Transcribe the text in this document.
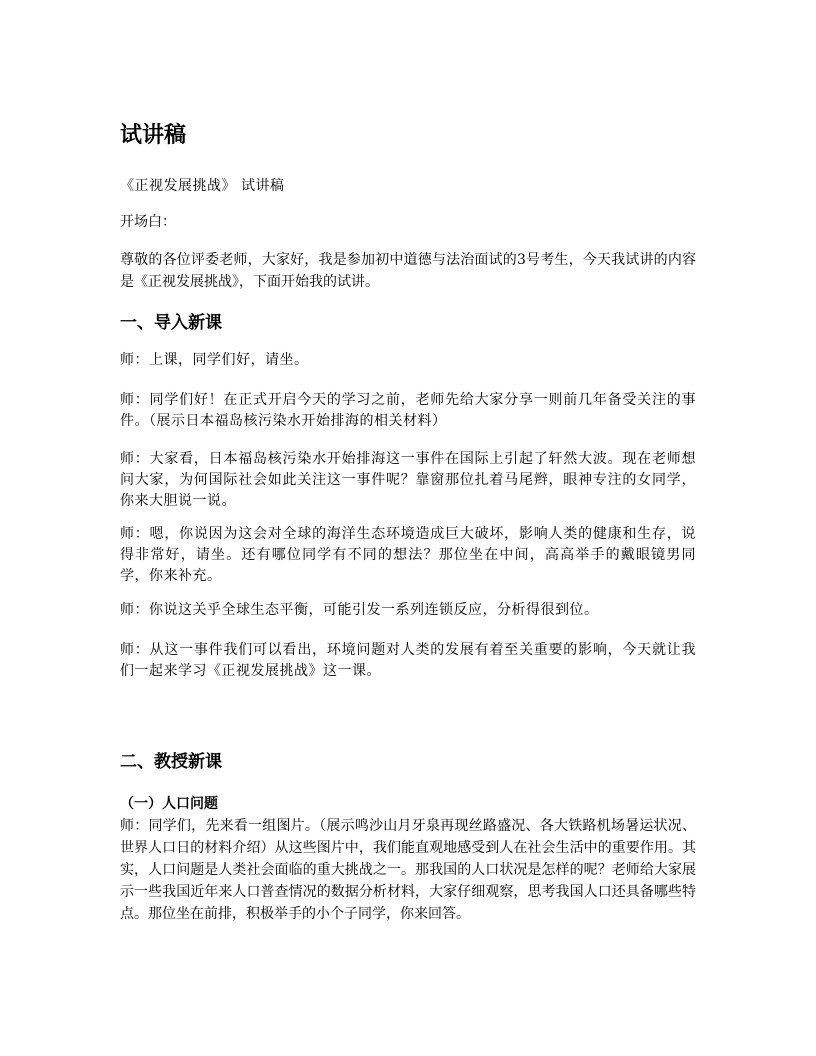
试讲稿

《正视发展挑战》 试讲稿

开场白：

尊敬的各位评委老师，大家好，我是参加初中道德与法治面试的3号考生，今天我试讲的内容是《正视发展挑战》，下面开始我的试讲。

一、导入新课

师：上课，同学们好，请坐。

师：同学们好！在正式开启今天的学习之前，老师先给大家分享一则前几年备受关注的事件。（展示日本福岛核污染水开始排海的相关材料）

师：大家看，日本福岛核污染水开始排海这一事件在国际上引起了轩然大波。现在老师想问大家，为何国际社会如此关注这一事件呢？靠窗那位扎着马尾辫，眼神专注的女同学，你来大胆说一说。

师：嗯，你说因为这会对全球的海洋生态环境造成巨大破坏，影响人类的健康和生存，说得非常好，请坐。还有哪位同学有不同的想法？那位坐在中间，高高举手的戴眼镜男同学，你来补充。

师：你说这关乎全球生态平衡，可能引发一系列连锁反应，分析得很到位。

师：从这一事件我们可以看出，环境问题对人类的发展有着至关重要的影响，今天就让我们一起来学习《正视发展挑战》这一课。

二、教授新课
（一）人口问题

师：同学们，先来看一组图片。（展示鸣沙山月牙泉再现丝路盛况、各大铁路机场暑运状况、世界人口日的材料介绍）从这些图片中，我们能直观地感受到人在社会生活中的重要作用。其实，人口问题是人类社会面临的重大挑战之一。那我国的人口状况是怎样的呢？老师给大家展示一些我国近年来人口普查情况的数据分析材料，大家仔细观察，思考我国人口还具备哪些特点。那位坐在前排，积极举手的小个子同学，你来回答。
